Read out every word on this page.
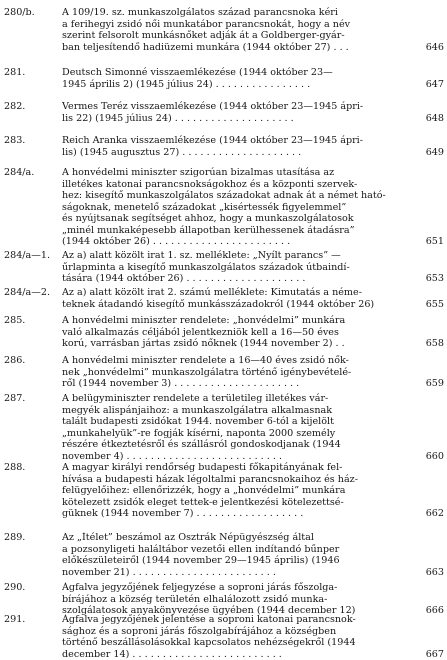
280/b.	A 109/19. sz. munkaszolgálatos század parancsnoka kéri
a ferihegyi zsidó női munkatábor parancsnokát, hogy a név
szerint felsorolt munkásnőket adják át a Goldberger-gyár-
ban teljesítendő hadiüzemi munkára (1944 október 27) . . .	646
281.	Deutsch Simonné visszaemlékezése (1944 október 23—
1945 április 2) (1945 július 24) . . . . . . . . . . . . . . . .	647
282.	Vermes Teréz visszaemlékezése (1944 október 23—1945 ápri-
lis 22) (1945 július 24) . . . . . . . . . . . . . . . . . . . .	648
283.	Reich Aranka visszaemlékezése (1944 október 23—1945 ápri-
lis) (1945 augusztus 27) . . . . . . . . . . . . . . . . . . . .	649
284/a.	A honvédelmi miniszter szigorúan bizalmas utasítása az
illetékes katonai parancsnokságokhoz és a központi szervek-
hez: kisegítő munkaszolgálatos századokat adnak át a német ható-
ságoknak, menetelő századokat „kisértessék figyelemmel”
és nyújtsanak segítséget ahhoz, hogy a munkaszolgálatosok
„minél munkaképesebb állapotban kerülhessenek átadásra”
(1944 október 26) . . . . . . . . . . . . . . . . . . . . . . .	651
284/a—1.	Az a) alatt közölt irat 1. sz. melléklete: „Nyílt parancs” —
űrlapminta a kisegítő munkaszolgálatos századok útbaindí-
tására (1944 október 26) . . . . . . . . . . . . . . . . . . . .	653
284/a—2.	Az a) alatt közölt irat 2. számú melléklete: Kimutatás a néme-
teknek átadandó kisegítő munkásszázadokról (1944 október 26)	655
285.	A honvédelmi miniszter rendelete: „honvédelmi” munkára
való alkalmazás céljából jelentkezniök kell a 16—50 éves
korú, varrásban jártas zsidó nőknek (1944 november 2) . .	658
286.	A honvédelmi miniszter rendelete a 16—40 éves zsidó nők-
nek „honvédelmi” munkaszolgálatra történő igénybevételé-
ről (1944 november 3) . . . . . . . . . . . . . . . . . . . . .	659
287.	A belügyminiszter rendelete a területileg illetékes vár-
megyék alispánjaihoz: a munkaszolgálatra alkalmasnak
talált budapesti zsidókat 1944. november 6-tól a kijelölt
„munkahelyük”-re fogják kísérni, naponta 2000 személy
részére étkeztetésről és szállásról gondoskodjanak (1944
november 4) . . . . . . . . . . . . . . . . . . . . . . . . . .	660
288.	A magyar királyi rendőrség budapesti főkapitányának fel-
hívása a budapesti házak légoltalmi parancsnokaihoz és ház-
felügyelőihez: ellenőrizzék, hogy a „honvédelmi” munkára
kötelezett zsidók eleget tettek-e jelentkezési kötelezettsé-
güknek (1944 november 7) . . . . . . . . . . . . . . . . . .	662
289.	Az „Ítélet” beszámol az Osztrák Népügyészség által
a pozsonyligeti haláltábor vezetői ellen indítandó bűnper
előkészületeiről (1944 november 29—1945 április) (1946
november 21) . . . . . . . . . . . . . . . . . . . . . . . .	663
290.	Ágfalva jegyzőjének feljegyzése a soproni járás főszolga-
bírájához a község területén elhalálozott zsidó munka-
szolgálatosok anyakönyvezése ügyében (1944 december 12)	666
291.	Ágfalva jegyzőjének jelentése a soproni katonai parancsnok-
sághoz és a soproni járás főszolgabírájához a községben
történő beszállásolásokkal kapcsolatos nehézségekről (1944
december 14) . . . . . . . . . . . . . . . . . . . . . . . . .	667
